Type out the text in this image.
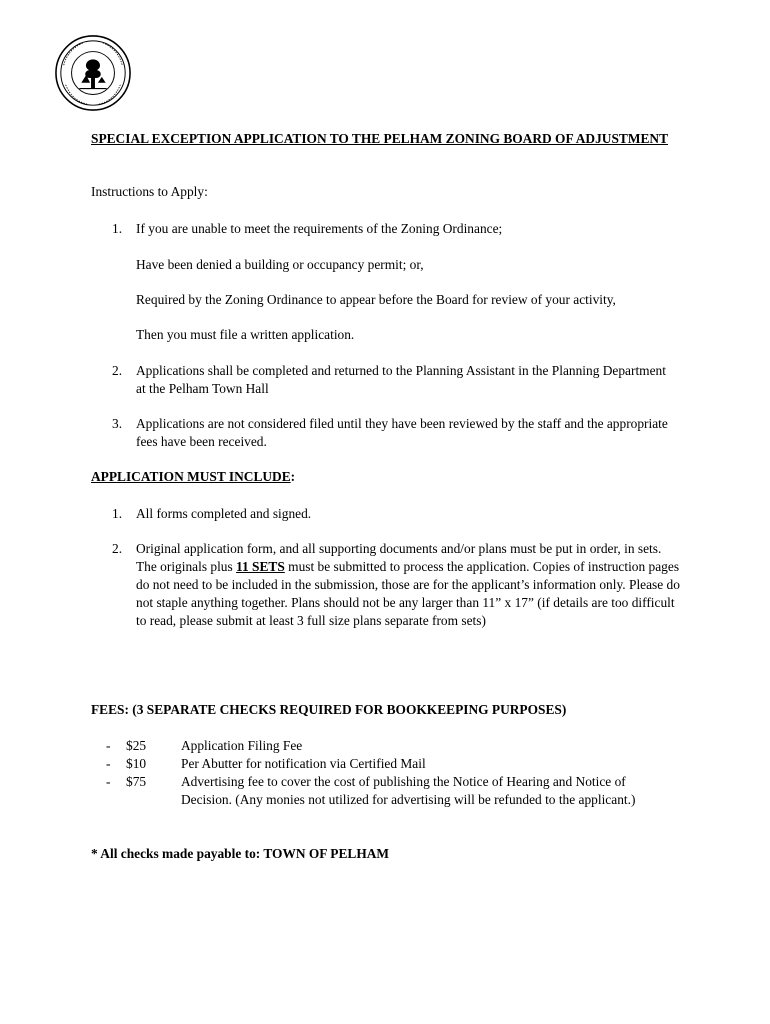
SPECIAL EXCEPTION APPLICATION TO THE PELHAM ZONING BOARD OF ADJUSTMENT
Instructions to Apply:
1. If you are unable to meet the requirements of the Zoning Ordinance;
Have been denied a building or occupancy permit; or,
Required by the Zoning Ordinance to appear before the Board for review of your activity,
Then you must file a written application.
2. Applications shall be completed and returned to the Planning Assistant in the Planning Department at the Pelham Town Hall
3. Applications are not considered filed until they have been reviewed by the staff and the appropriate fees have been received.
APPLICATION MUST INCLUDE:
1. All forms completed and signed.
2. Original application form, and all supporting documents and/or plans must be put in order, in sets. The originals plus 11 SETS must be submitted to process the application. Copies of instruction pages do not need to be included in the submission, those are for the applicant’s information only. Please do not staple anything together. Plans should not be any larger than 11” x 17” (if details are too difficult to read, please submit at least 3 full size plans separate from sets)
FEES: (3 SEPARATE CHECKS REQUIRED FOR BOOKKEEPING PURPOSES)
- $25	Application Filing Fee
- $10	Per Abutter for notification via Certified Mail
- $75	Advertising fee to cover the cost of publishing the Notice of Hearing and Notice of Decision. (Any monies not utilized for advertising will be refunded to the applicant.)
* All checks made payable to: TOWN OF PELHAM
